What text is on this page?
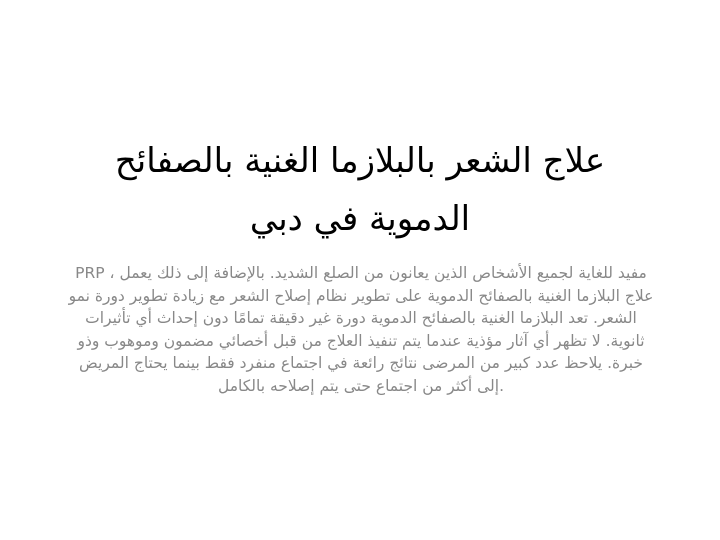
علاج الشعر بالبلازما الغنية بالصفائح الدموية في دبي

PRP ، مفيد للغاية لجميع الأشخاص الذين يعانون من الصلع الشديد. بالإضافة إلى ذلك يعمل علاج البلازما الغنية بالصفائح الدموية على تطوير نظام إصلاح الشعر مع زيادة تطوير دورة نمو الشعر. تعد البلازما الغنية بالصفائح الدموية دورة غير دقيقة تمامًا دون إحداث أي تأثيرات ثانوية. لا تظهر أي آثار مؤذية عندما يتم تنفيذ العلاج من قبل أخصائي مضمون وموهوب وذو خبرة. يلاحظ عدد كبير من المرضى نتائج رائعة في اجتماع منفرد فقط بينما يحتاج المريض إلى أكثر من اجتماع حتى يتم إصلاحه بالكامل.
